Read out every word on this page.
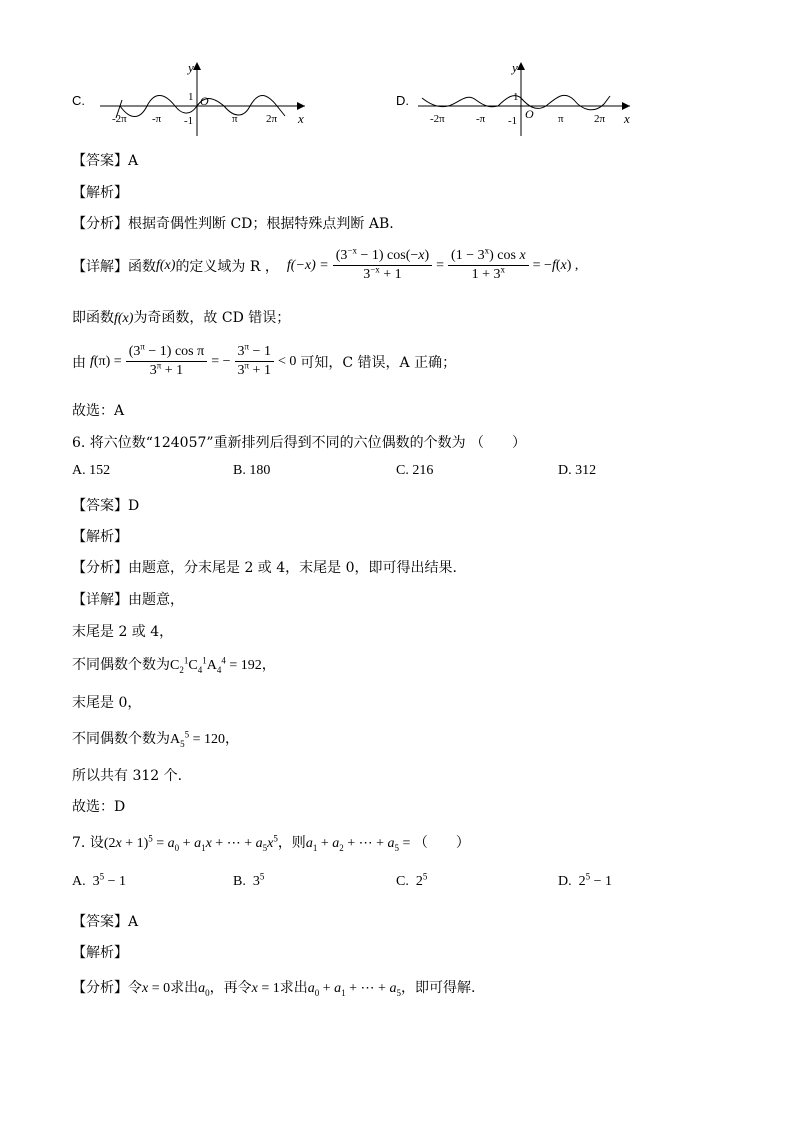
C.
y
x
1
-1
O
-2π -π	π	2π
D.
y
x
1
-1 O
-2π	-π	π	2π
【答案】A
【解析】
【分析】根据奇偶性判断 CD；根据特殊点判断 AB.
【详解】 函数 f(x) 的定义域为 R ， $f(-x) = \frac{(3^{-x} - 1) \cos(-x)}{3^{-x} + 1} = \frac{(1 - 3^x) \cos x}{1 + 3^x} = -f(x)$ ,
即函数f(x)为奇函数，故 CD 错误；
由 $f(\pi) = \frac{(3^\pi - 1) \cos \pi}{3^\pi + 1}$ = − $\frac{3^\pi - 1}{3^\pi + 1} < 0$ 可知，C 错误，A 正确；
故选：A
6. 将六位数“124057”重新排列后得到不同的六位偶数的个数为 （　　）
A. 152	B. 180	C. 216	D. 312
【答案】D
【解析】
【分析】由题意，分末尾是 2 或 4，末尾是 0，即可得出结果.
【详解】由题意，
末尾是 2 或 4，
不同偶数个数为$C_2^1C_4^1A_4^4 = 192$，
末尾是 0，
不同偶数个数为$A_5^5 = 120$，
所以共有 312 个.
故选：D
7. 设$(2x + 1)^5 = a_0 + a_1x$ + ⋯ + $a_5x^5$，则$a_1 + a_2$ + ⋯ + $a_5$ = （　　）
A.  $3^5 - 1$	B.  $3^5$	C.  $2^5$	D.  $2^5 - 1$
【答案】A
【解析】
【分析】令x = 0求出$a_0$，再令x = 1求出$a_0 + a_1$ + ⋯ + $a_5$，即可得解.
